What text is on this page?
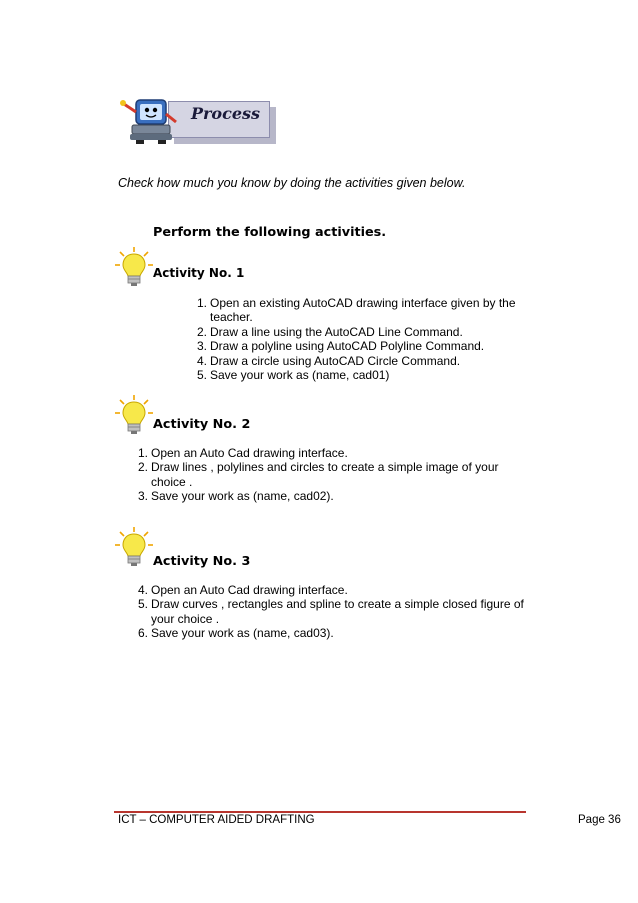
Process
Check how much you know by doing the activities given below.
Perform the following activities.
Activity No. 1
1. Open an existing AutoCAD drawing interface given by the
teacher.
2. Draw a line using the AutoCAD Line Command.
3. Draw a polyline using AutoCAD Polyline Command.
4. Draw a circle using AutoCAD Circle Command.
5. Save your work as (name, cad01)
Activity No. 2
1. Open an Auto Cad drawing interface.
2. Draw lines , polylines and circles to create a simple image of your
choice .
3. Save your work as (name, cad02).
Activity No. 3
4. Open an Auto Cad drawing interface.
5. Draw curves , rectangles and spline to create a simple closed figure of
your choice .
6. Save your work as (name, cad03).
ICT – COMPUTER AIDED DRAFTING	Page 36
